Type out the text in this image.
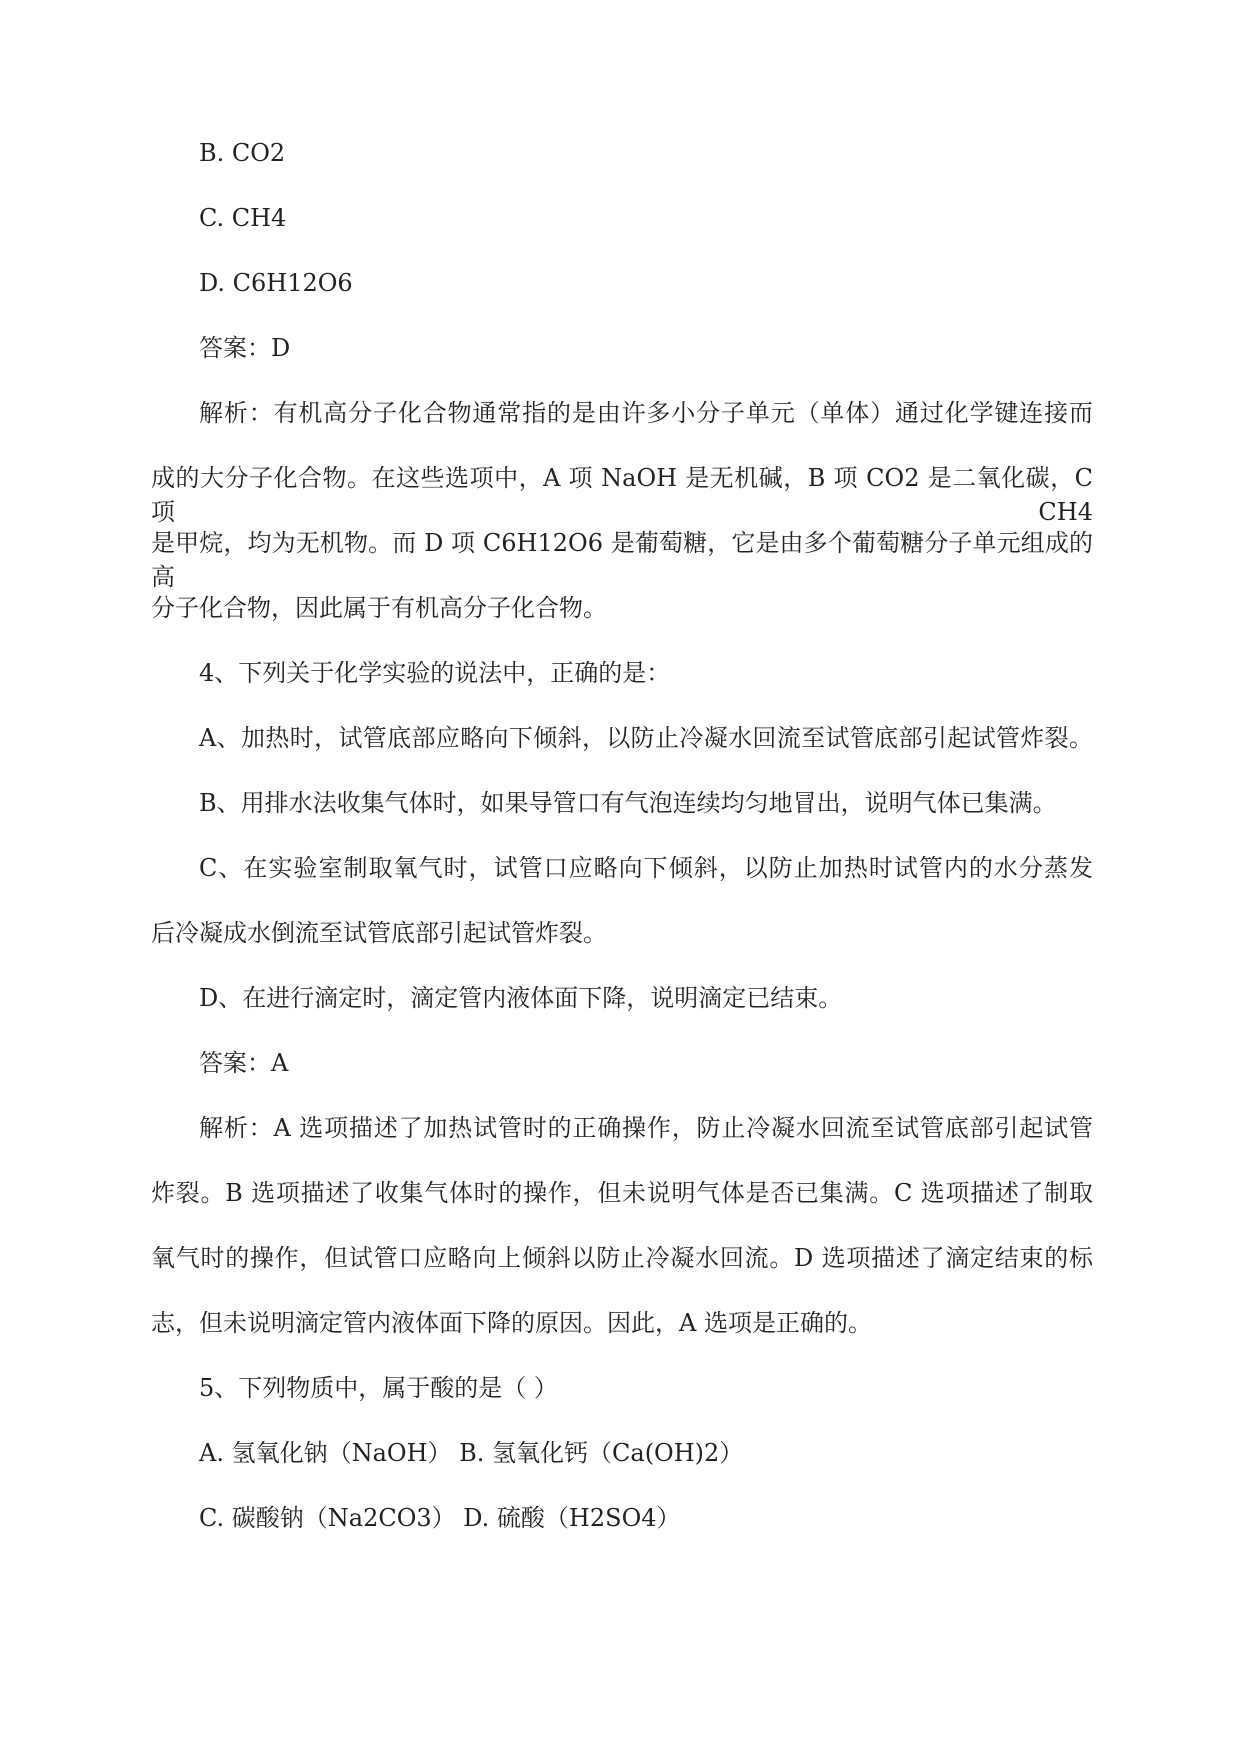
B. CO2
C. CH4
D. C6H12O6
答案：D
解析：有机高分子化合物通常指的是由许多小分子单元（单体）通过化学键连接而
成的大分子化合物。在这些选项中，A 项 NaOH 是无机碱，B 项 CO2 是二氧化碳，C 项 CH4
是甲烷，均为无机物。而 D 项 C6H12O6 是葡萄糖，它是由多个葡萄糖分子单元组成的高
分子化合物，因此属于有机高分子化合物。
4、下列关于化学实验的说法中，正确的是：
A、加热时，试管底部应略向下倾斜，以防止冷凝水回流至试管底部引起试管炸裂。
B、用排水法收集气体时，如果导管口有气泡连续均匀地冒出，说明气体已集满。
C、在实验室制取氧气时，试管口应略向下倾斜，以防止加热时试管内的水分蒸发
后冷凝成水倒流至试管底部引起试管炸裂。
D、在进行滴定时，滴定管内液体面下降，说明滴定已结束。
答案：A
解析：A 选项描述了加热试管时的正确操作，防止冷凝水回流至试管底部引起试管
炸裂。B 选项描述了收集气体时的操作，但未说明气体是否已集满。C 选项描述了制取
氧气时的操作，但试管口应略向上倾斜以防止冷凝水回流。D 选项描述了滴定结束的标
志，但未说明滴定管内液体面下降的原因。因此，A 选项是正确的。
5、下列物质中，属于酸的是（ ）
A. 氢氧化钠（NaOH） B. 氢氧化钙（Ca(OH)2）
C. 碳酸钠（Na2CO3） D. 硫酸（H2SO4）
